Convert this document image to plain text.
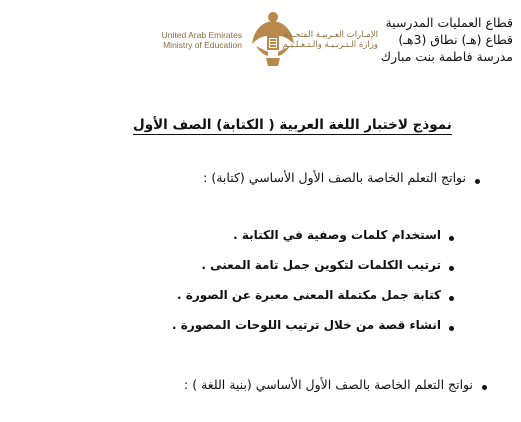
قطاع العمليات المدرسية
قطاع (هـ) نطاق (3هـ)
مدرسة فاطمة بنت مبارك
United Arab Emirates
Ministry of Education
الإمـارات العـربيـة المتحـدة
وزارة الـتـربـيـة والـتـعـلـيـم
نموذج لاختبار اللغة العربية ( الكتابة) الصف الأول
نواتج التعلم الخاصة بالصف الأول الأساسي (كتابة) :
استخدام كلمات وصفية في الكتابة .
ترتيب الكلمات لتكوين جمل تامة المعنى .
كتابة جمل مكتملة المعنى معبرة عن الصورة .
انشاء قصة من خلال ترتيب اللوحات المصورة .
نواتج التعلم الخاصة بالصف الأول الأساسي (بنية اللغة ) :
